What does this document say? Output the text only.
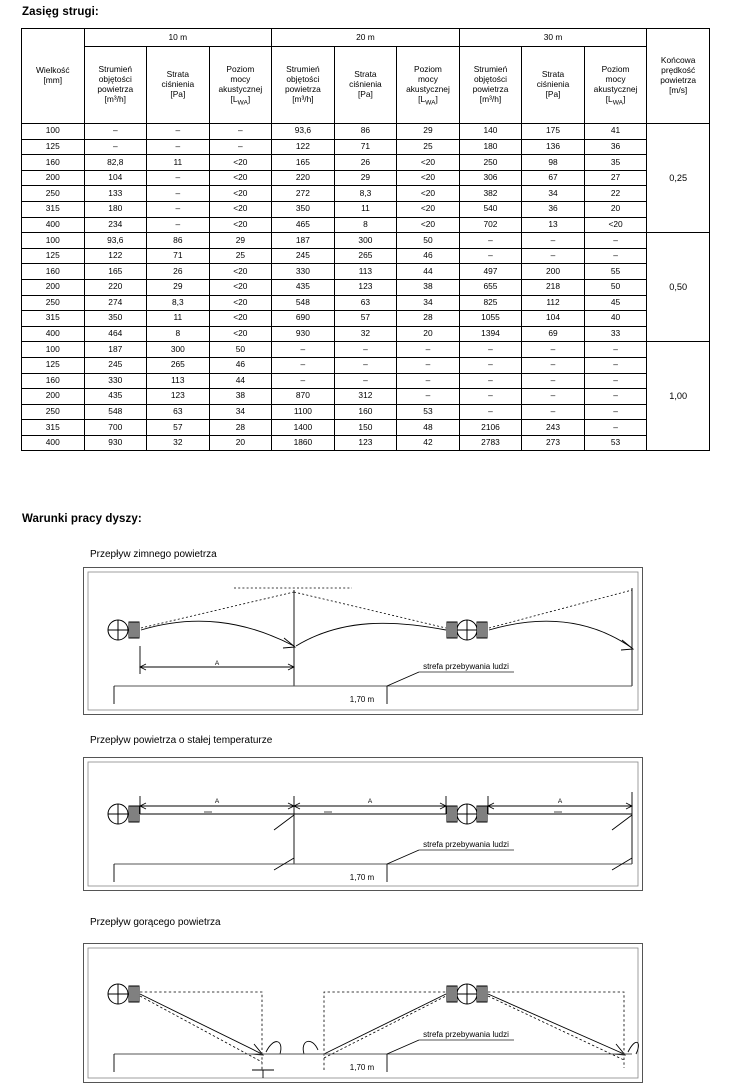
Zasięg strugi:
Wielkość
[mm]	10 m			20 m			30 m			Końcowa
prędkość
powietrza
[m/s]
	Strumień
objętości
powietrza
[m³/h]	Strata
ciśnienia
[Pa]	Poziom
mocy
akustycznej
$[L_{WA}]$	Strumień
objętości
powietrza
[m³/h]	Strata
ciśnienia
[Pa]	Poziom
mocy
akustycznej
$[L_{WA}]$	Strumień
objętości
powietrza
[m³/h]	Strata
ciśnienia
[Pa]	Poziom
mocy
akustycznej
$[L_{WA}]$	
100	–	–	–	93,6	86	29	140	175	41	0,25
125	–	–	–	122	71	25	180	136	36	
160	82,8	11	<20	165	26	<20	250	98	35	
200	104	–	<20	220	29	<20	306	67	27	
250	133	–	<20	272	8,3	<20	382	34	22	
315	180	–	<20	350	11	<20	540	36	20	
400	234	–	<20	465	8	<20	702	13	<20	
100	93,6	86	29	187	300	50	–	–	–	0,50
125	122	71	25	245	265	46	–	–	–	
160	165	26	<20	330	113	44	497	200	55	
200	220	29	<20	435	123	38	655	218	50	
250	274	8,3	<20	548	63	34	825	112	45	
315	350	11	<20	690	57	28	1055	104	40	
400	464	8	<20	930	32	20	1394	69	33	
100	187	300	50	–	–	–	–	–	–	1,00
125	245	265	46	–	–	–	–	–	–	
160	330	113	44	–	–	–	–	–	–	
200	435	123	38	870	312	–	–	–	–	
250	548	63	34	1100	160	53	–	–	–	
315	700	57	28	1400	150	48	2106	243	–	
400	930	32	20	1860	123	42	2783	273	53	
Warunki pracy dyszy:
Przepływ zimnego powietrza
A
1,70 m
strefa przebywania ludzi
Przepływ powietrza o stałej temperaturze
A	A	A
1,70 m
strefa przebywania ludzi
Przepływ gorącego powietrza
1,70 m
strefa przebywania ludzi
